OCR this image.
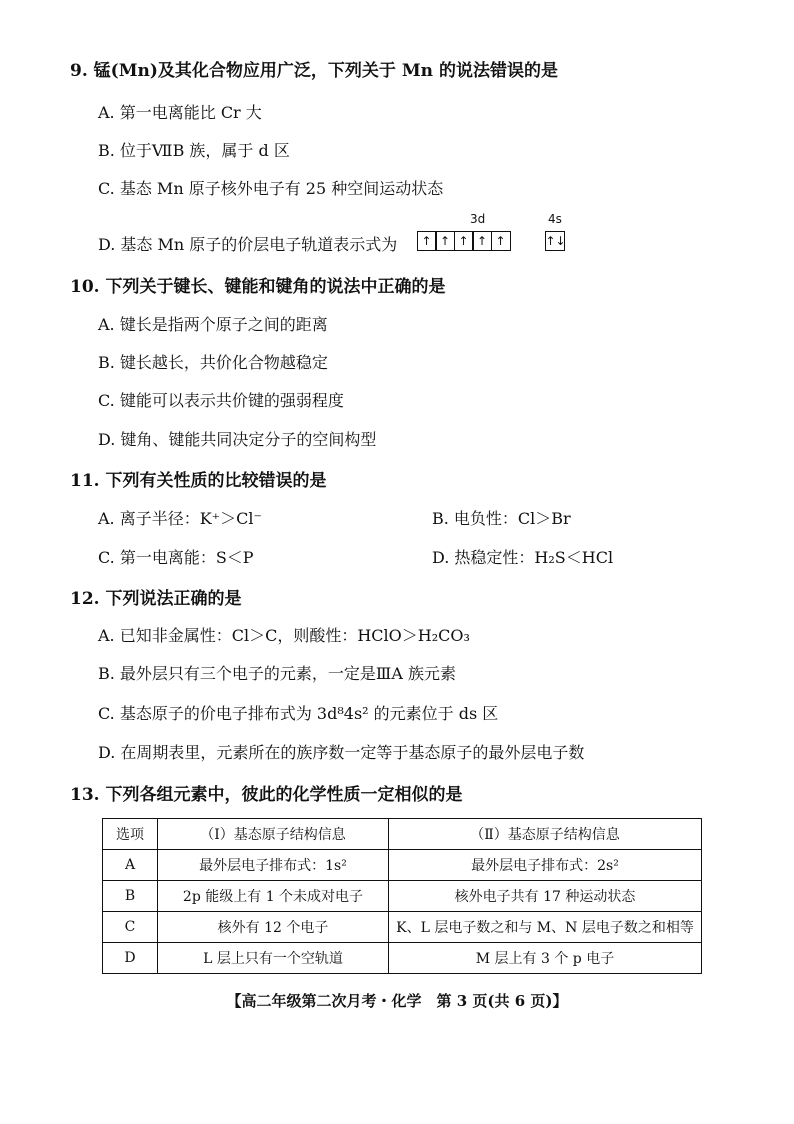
9. 锰(Mn)及其化合物应用广泛，下列关于 Mn 的说法错误的是
A. 第一电离能比 Cr 大
B. 位于ⅦB 族，属于 d 区
C. 基态 Mn 原子核外电子有 25 种空间运动状态
D. 基态 Mn 原子的价层电子轨道表示式为
3d	4s
↑ ↑ ↑ ↑ ↑	↑↓
10. 下列关于键长、键能和键角的说法中正确的是
A. 键长是指两个原子之间的距离
B. 键长越长，共价化合物越稳定
C. 键能可以表示共价键的强弱程度
D. 键角、键能共同决定分子的空间构型
11. 下列有关性质的比较错误的是
A. 离子半径：K⁺＞Cl⁻	B. 电负性：Cl＞Br
C. 第一电离能：S＜P	D. 热稳定性：H₂S＜HCl
12. 下列说法正确的是
A. 已知非金属性：Cl＞C，则酸性：HClO＞H₂CO₃
B. 最外层只有三个电子的元素，一定是ⅢA 族元素
C. 基态原子的价电子排布式为 3d⁸4s² 的元素位于 ds 区
D. 在周期表里，元素所在的族序数一定等于基态原子的最外层电子数
13. 下列各组元素中，彼此的化学性质一定相似的是
选项	（Ⅰ）基态原子结构信息	（Ⅱ）基态原子结构信息
A	最外层电子排布式：1s²	最外层电子排布式：2s²
B	2p 能级上有 1 个未成对电子	核外电子共有 17 种运动状态
C	核外有 12 个电子	K、L 层电子数之和与 M、N 层电子数之和相等
D	L 层上只有一个空轨道	M 层上有 3 个 p 电子
【高二年级第二次月考・化学　第 3 页(共 6 页)】
